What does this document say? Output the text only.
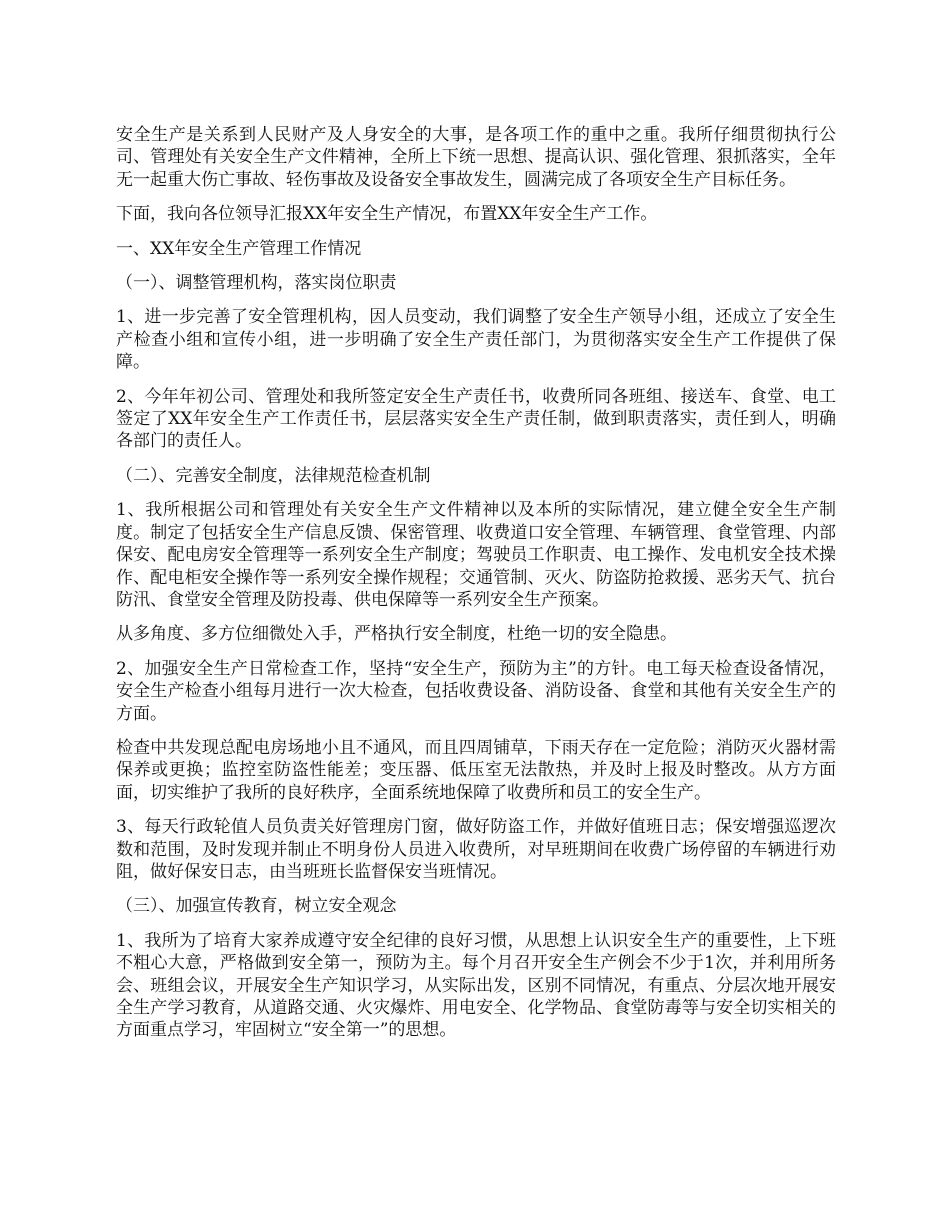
安全生产是关系到人民财产及人身安全的大事，是各项工作的重中之重。我所仔细贯彻执行公司、管理处有关安全生产文件精神，全所上下统一思想、提高认识、强化管理、狠抓落实，全年无一起重大伤亡事故、轻伤事故及设备安全事故发生，圆满完成了各项安全生产目标任务。

下面，我向各位领导汇报XX年安全生产情况，布置XX年安全生产工作。

一、XX年安全生产管理工作情况

（一）、调整管理机构，落实岗位职责

1、进一步完善了安全管理机构，因人员变动，我们调整了安全生产领导小组，还成立了安全生产检查小组和宣传小组，进一步明确了安全生产责任部门，为贯彻落实安全生产工作提供了保障。

2、今年年初公司、管理处和我所签定安全生产责任书，收费所同各班组、接送车、食堂、电工签定了XX年安全生产工作责任书，层层落实安全生产责任制，做到职责落实，责任到人，明确各部门的责任人。

（二）、完善安全制度，法律规范检查机制

1、我所根据公司和管理处有关安全生产文件精神以及本所的实际情况，建立健全安全生产制度。制定了包括安全生产信息反馈、保密管理、收费道口安全管理、车辆管理、食堂管理、内部保安、配电房安全管理等一系列安全生产制度；驾驶员工作职责、电工操作、发电机安全技术操作、配电柜安全操作等一系列安全操作规程；交通管制、灭火、防盗防抢救援、恶劣天气、抗台防汛、食堂安全管理及防投毒、供电保障等一系列安全生产预案。

从多角度、多方位细微处入手，严格执行安全制度，杜绝一切的安全隐患。

2、加强安全生产日常检查工作，坚持“安全生产，预防为主”的方针。电工每天检查设备情况，安全生产检查小组每月进行一次大检查，包括收费设备、消防设备、食堂和其他有关安全生产的方面。

检查中共发现总配电房场地小且不通风，而且四周铺草，下雨天存在一定危险；消防灭火器材需保养或更换；监控室防盗性能差；变压器、低压室无法散热，并及时上报及时整改。从方方面面，切实维护了我所的良好秩序，全面系统地保障了收费所和员工的安全生产。

3、每天行政轮值人员负责关好管理房门窗，做好防盗工作，并做好值班日志；保安增强巡逻次数和范围，及时发现并制止不明身份人员进入收费所，对早班期间在收费广场停留的车辆进行劝阻，做好保安日志，由当班班长监督保安当班情况。

（三）、加强宣传教育，树立安全观念

1、我所为了培育大家养成遵守安全纪律的良好习惯，从思想上认识安全生产的重要性，上下班不粗心大意，严格做到安全第一，预防为主。每个月召开安全生产例会不少于1次，并利用所务会、班组会议，开展安全生产知识学习，从实际出发，区别不同情况，有重点、分层次地开展安全生产学习教育，从道路交通、火灾爆炸、用电安全、化学物品、食堂防毒等与安全切实相关的方面重点学习，牢固树立“安全第一”的思想。
